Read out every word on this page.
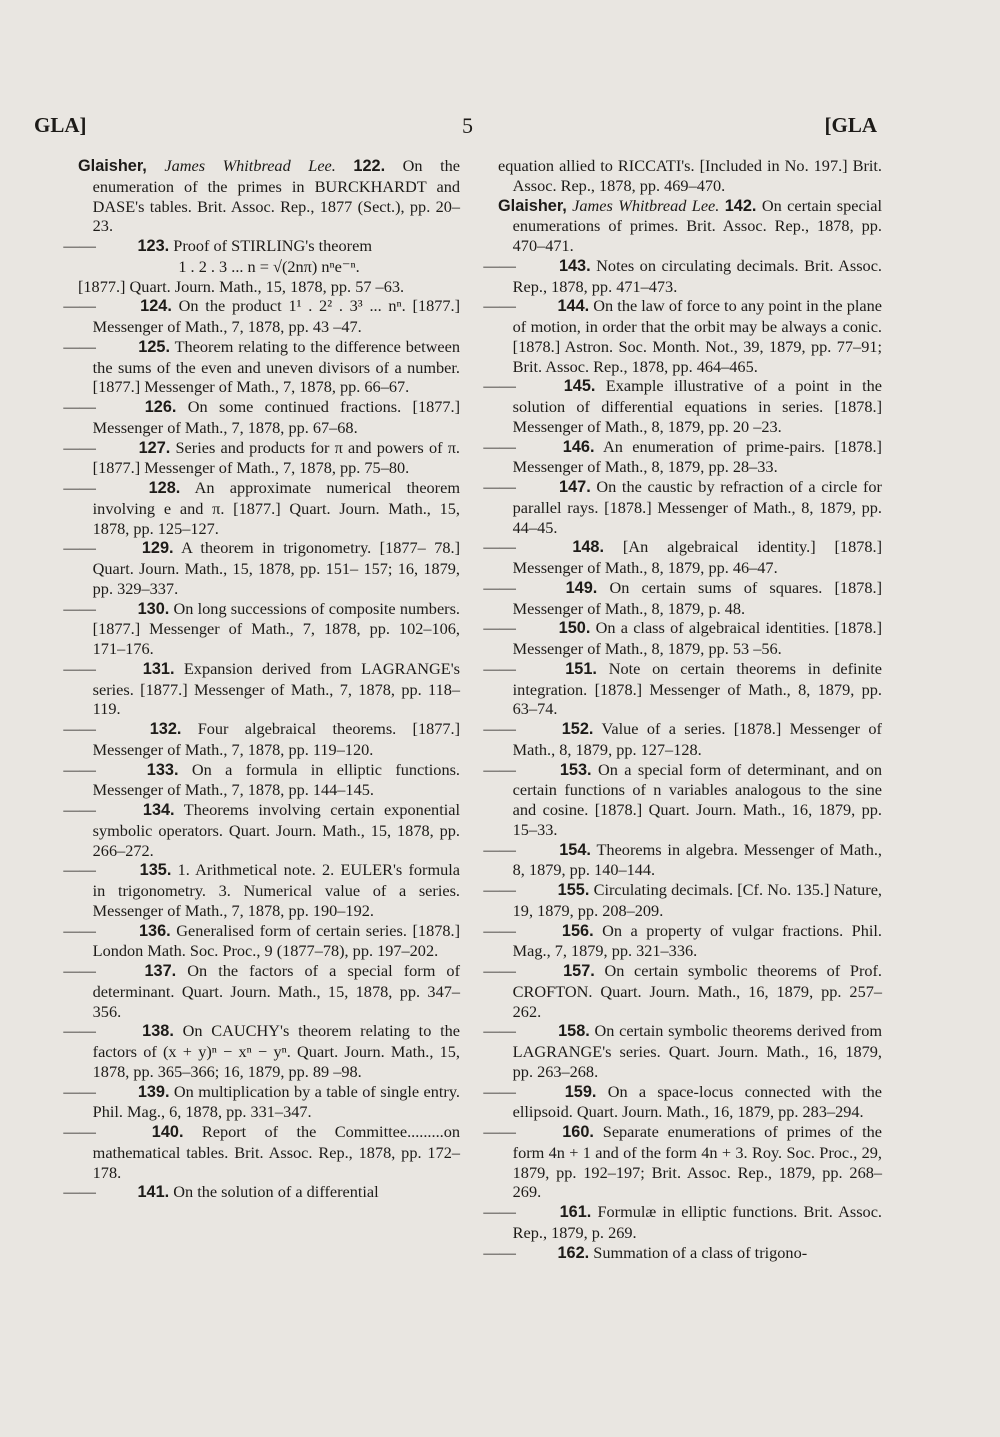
GLA]	5	[GLA

Glaisher, James Whitbread Lee. 122. On the enumeration of the primes in BURCKHARDT and DASE's tables. Brit. Assoc. Rep., 1877 (Sect.), pp. 20–23.

——	123. Proof of STIRLING's theorem

1 . 2 . 3 ... n = √(2nπ) nⁿe⁻ⁿ.

[1877.] Quart. Journ. Math., 15, 1878, pp. 57 –63.

——	124. On the product 1¹ . 2² . 3³ ... nⁿ. [1877.] Messenger of Math., 7, 1878, pp. 43 –47.

——	125. Theorem relating to the difference between the sums of the even and uneven divisors of a number. [1877.] Messenger of Math., 7, 1878, pp. 66–67.

——	126. On some continued fractions. [1877.] Messenger of Math., 7, 1878, pp. 67–68.

——	127. Series and products for π and powers of π. [1877.] Messenger of Math., 7, 1878, pp. 75–80.

——	128. An approximate numerical theorem involving e and π. [1877.] Quart. Journ. Math., 15, 1878, pp. 125–127.

——	129. A theorem in trigonometry. [1877– 78.] Quart. Journ. Math., 15, 1878, pp. 151– 157; 16, 1879, pp. 329–337.

——	130. On long successions of composite numbers. [1877.] Messenger of Math., 7, 1878, pp. 102–106, 171–176.

——	131. Expansion derived from LAGRANGE's series. [1877.] Messenger of Math., 7, 1878, pp. 118–119.

——	132. Four algebraical theorems. [1877.] Messenger of Math., 7, 1878, pp. 119–120.

——	133. On a formula in elliptic functions. Messenger of Math., 7, 1878, pp. 144–145.

——	134. Theorems involving certain exponential symbolic operators. Quart. Journ. Math., 15, 1878, pp. 266–272.

——	135. 1. Arithmetical note. 2. EULER's formula in trigonometry. 3. Numerical value of a series. Messenger of Math., 7, 1878, pp. 190–192.

——	136. Generalised form of certain series. [1878.] London Math. Soc. Proc., 9 (1877–78), pp. 197–202.

——	137. On the factors of a special form of determinant. Quart. Journ. Math., 15, 1878, pp. 347–356.

——	138. On CAUCHY's theorem relating to the factors of (x + y)ⁿ − xⁿ − yⁿ. Quart. Journ. Math., 15, 1878, pp. 365–366; 16, 1879, pp. 89 –98.

——	139. On multiplication by a table of single entry. Phil. Mag., 6, 1878, pp. 331–347.

——	140. Report of the Committee.........on mathematical tables. Brit. Assoc. Rep., 1878, pp. 172–178.

——	141. On the solution of a differential

equation allied to RICCATI's. [Included in No. 197.] Brit. Assoc. Rep., 1878, pp. 469–470.

Glaisher, James Whitbread Lee. 142. On certain special enumerations of primes. Brit. Assoc. Rep., 1878, pp. 470–471.

——	143. Notes on circulating decimals. Brit. Assoc. Rep., 1878, pp. 471–473.

——	144. On the law of force to any point in the plane of motion, in order that the orbit may be always a conic. [1878.] Astron. Soc. Month. Not., 39, 1879, pp. 77–91; Brit. Assoc. Rep., 1878, pp. 464–465.

——	145. Example illustrative of a point in the solution of differential equations in series. [1878.] Messenger of Math., 8, 1879, pp. 20 –23.

——	146. An enumeration of prime-pairs. [1878.] Messenger of Math., 8, 1879, pp. 28–33.

——	147. On the caustic by refraction of a circle for parallel rays. [1878.] Messenger of Math., 8, 1879, pp. 44–45.

——	148. [An algebraical identity.] [1878.] Messenger of Math., 8, 1879, pp. 46–47.

——	149. On certain sums of squares. [1878.] Messenger of Math., 8, 1879, p. 48.

——	150. On a class of algebraical identities. [1878.] Messenger of Math., 8, 1879, pp. 53 –56.

——	151. Note on certain theorems in definite integration. [1878.] Messenger of Math., 8, 1879, pp. 63–74.

——	152. Value of a series. [1878.] Messenger of Math., 8, 1879, pp. 127–128.

——	153. On a special form of determinant, and on certain functions of n variables analogous to the sine and cosine. [1878.] Quart. Journ. Math., 16, 1879, pp. 15–33.

——	154. Theorems in algebra. Messenger of Math., 8, 1879, pp. 140–144.

——	155. Circulating decimals. [Cf. No. 135.] Nature, 19, 1879, pp. 208–209.

——	156. On a property of vulgar fractions. Phil. Mag., 7, 1879, pp. 321–336.

——	157. On certain symbolic theorems of Prof. CROFTON. Quart. Journ. Math., 16, 1879, pp. 257–262.

——	158. On certain symbolic theorems derived from LAGRANGE's series. Quart. Journ. Math., 16, 1879, pp. 263–268.

——	159. On a space-locus connected with the ellipsoid. Quart. Journ. Math., 16, 1879, pp. 283–294.

——	160. Separate enumerations of primes of the form 4n + 1 and of the form 4n + 3. Roy. Soc. Proc., 29, 1879, pp. 192–197; Brit. Assoc. Rep., 1879, pp. 268–269.

——	161. Formulæ in elliptic functions. Brit. Assoc. Rep., 1879, p. 269.

——	162. Summation of a class of trigono-
